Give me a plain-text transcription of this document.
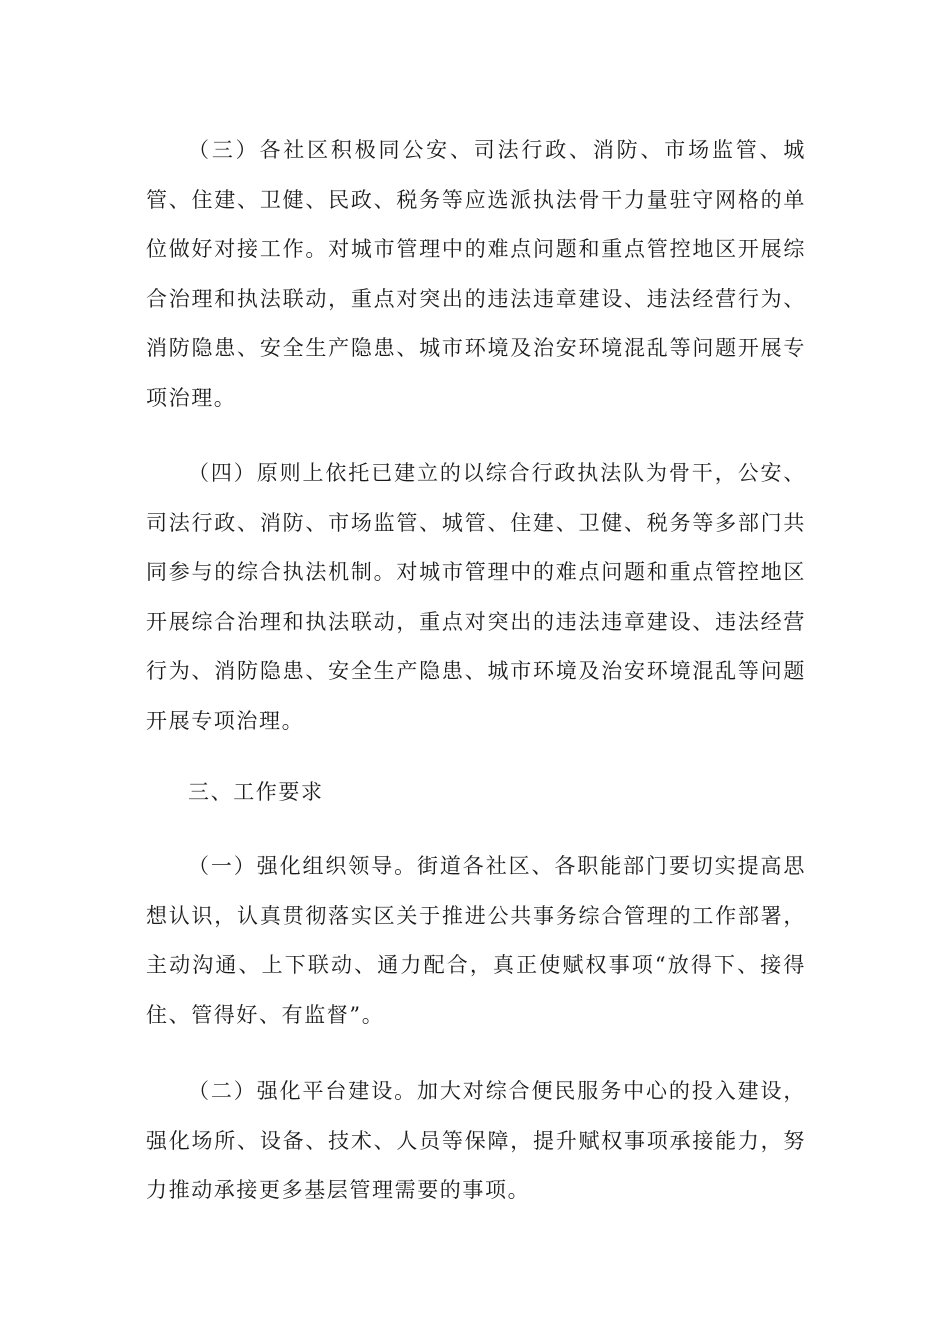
（三）各社区积极同公安、司法行政、消防、市场监管、城管、住建、卫健、民政、税务等应选派执法骨干力量驻守网格的单位做好对接工作。对城市管理中的难点问题和重点管控地区开展综合治理和执法联动，重点对突出的违法违章建设、违法经营行为、消防隐患、安全生产隐患、城市环境及治安环境混乱等问题开展专项治理。

（四）原则上依托已建立的以综合行政执法队为骨干，公安、司法行政、消防、市场监管、城管、住建、卫健、税务等多部门共同参与的综合执法机制。对城市管理中的难点问题和重点管控地区开展综合治理和执法联动，重点对突出的违法违章建设、违法经营行为、消防隐患、安全生产隐患、城市环境及治安环境混乱等问题开展专项治理。

三、工作要求

（一）强化组织领导。街道各社区、各职能部门要切实提高思想认识，认真贯彻落实区关于推进公共事务综合管理的工作部署，主动沟通、上下联动、通力配合，真正使赋权事项“放得下、接得住、管得好、有监督”。

（二）强化平台建设。加大对综合便民服务中心的投入建设，强化场所、设备、技术、人员等保障，提升赋权事项承接能力，努力推动承接更多基层管理需要的事项。
